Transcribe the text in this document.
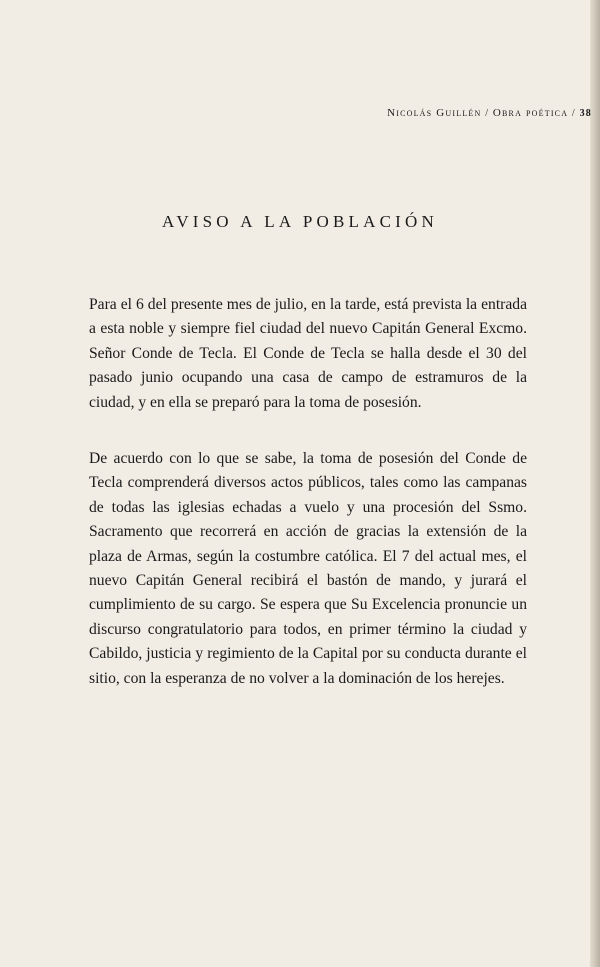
Nicolás Guillén / Obra poética / 38
AVISO A LA POBLACIÓN

Para el 6 del presente mes de julio, en la tarde, está prevista la entrada a esta noble y siempre fiel ciudad del nuevo Capitán General Excmo. Señor Conde de Tecla. El Conde de Tecla se halla desde el 30 del pasado junio ocupando una casa de campo de estramuros de la ciudad, y en ella se preparó para la toma de posesión.

De acuerdo con lo que se sabe, la toma de posesión del Conde de Tecla comprenderá diversos actos públicos, tales como las campanas de todas las iglesias echadas a vuelo y una procesión del Ssmo. Sacramento que recorrerá en acción de gracias la extensión de la plaza de Armas, según la costumbre católica. El 7 del actual mes, el nuevo Capitán General recibirá el bastón de mando, y jurará el cumplimiento de su cargo. Se espera que Su Excelencia pronuncie un discurso congratulatorio para todos, en primer término la ciudad y Cabildo, justicia y regimiento de la Capital por su conducta durante el sitio, con la esperanza de no volver a la dominación de los herejes.
